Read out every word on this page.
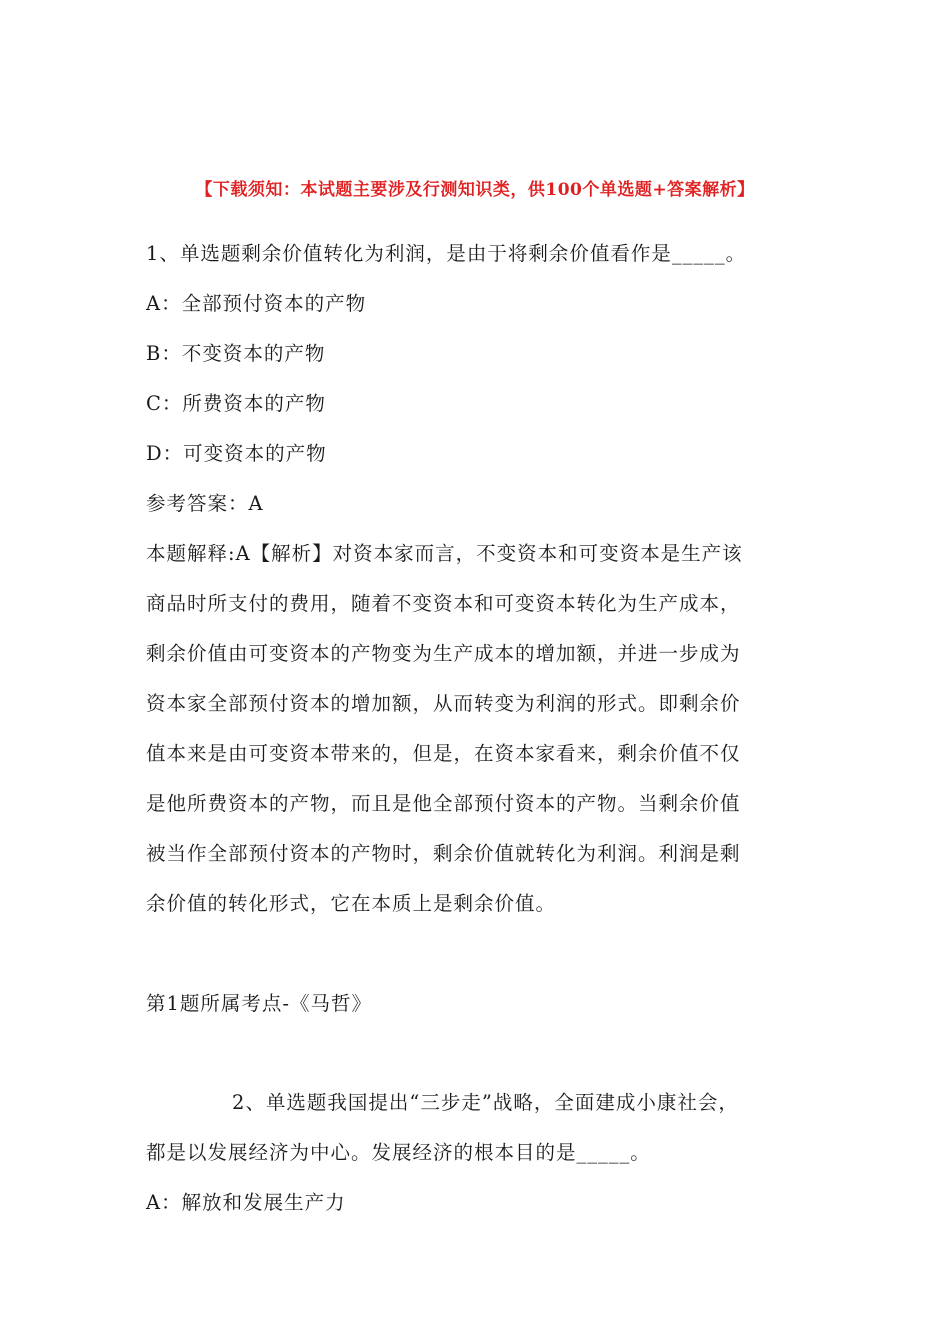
【下载须知：本试题主要涉及行测知识类，供100个单选题+答案解析】
1、单选题剩余价值转化为利润，是由于将剩余价值看作是_____。
A：全部预付资本的产物
B：不变资本的产物
C：所费资本的产物
D：可变资本的产物
参考答案：A
本题解释:A【解析】对资本家而言，不变资本和可变资本是生产该
商品时所支付的费用，随着不变资本和可变资本转化为生产成本，
剩余价值由可变资本的产物变为生产成本的增加额，并进一步成为
资本家全部预付资本的增加额，从而转变为利润的形式。即剩余价
值本来是由可变资本带来的，但是，在资本家看来，剩余价值不仅
是他所费资本的产物，而且是他全部预付资本的产物。当剩余价值
被当作全部预付资本的产物时，剩余价值就转化为利润。利润是剩
余价值的转化形式，它在本质上是剩余价值。
第1题所属考点-《马哲》
2、单选题我国提出“三步走”战略，全面建成小康社会，
都是以发展经济为中心。发展经济的根本目的是_____。
A：解放和发展生产力
